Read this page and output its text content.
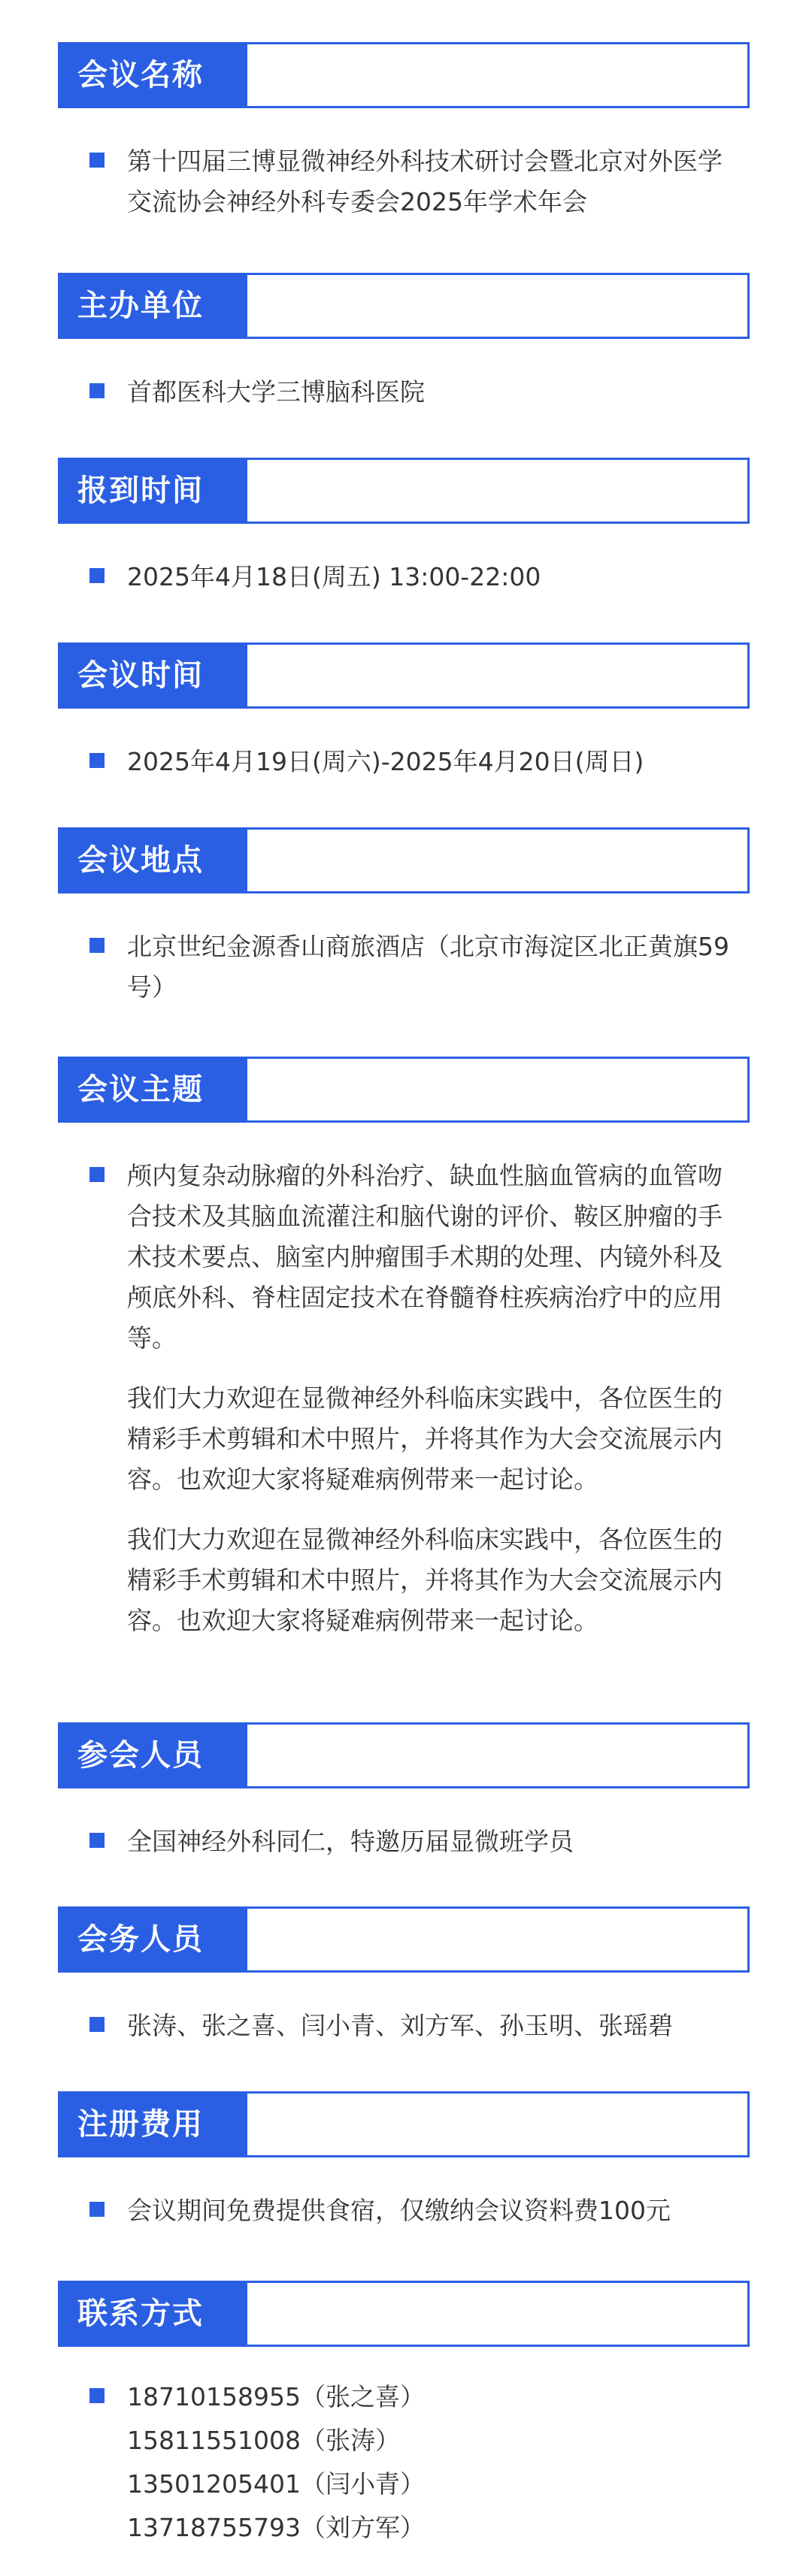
会议名称
第十四届三博显微神经外科技术研讨会暨北京对外医学交流协会神经外科专委会2025年学术年会
主办单位
首都医科大学三博脑科医院
报到时间
2025年4月18日(周五) 13:00-22:00
会议时间
2025年4月19日(周六)-2025年4月20日(周日)
会议地点
北京世纪金源香山商旅酒店（北京市海淀区北正黄旗59号）
会议主题

颅内复杂动脉瘤的外科治疗、缺血性脑血管病的血管吻合技术及其脑血流灌注和脑代谢的评价、鞍区肿瘤的手术技术要点、脑室内肿瘤围手术期的处理、内镜外科及颅底外科、脊柱固定技术在脊髓脊柱疾病治疗中的应用等。

我们大力欢迎在显微神经外科临床实践中，各位医生的精彩手术剪辑和术中照片，并将其作为大会交流展示内容。也欢迎大家将疑难病例带来一起讨论。

我们大力欢迎在显微神经外科临床实践中，各位医生的精彩手术剪辑和术中照片，并将其作为大会交流展示内容。也欢迎大家将疑难病例带来一起讨论。

参会人员
全国神经外科同仁，特邀历届显微班学员
会务人员
张涛、张之喜、闫小青、刘方军、孙玉明、张瑶碧
注册费用
会议期间免费提供食宿，仅缴纳会议资料费100元
联系方式

18710158955（张之喜）

15811551008（张涛）

13501205401（闫小青）

13718755793（刘方军）
